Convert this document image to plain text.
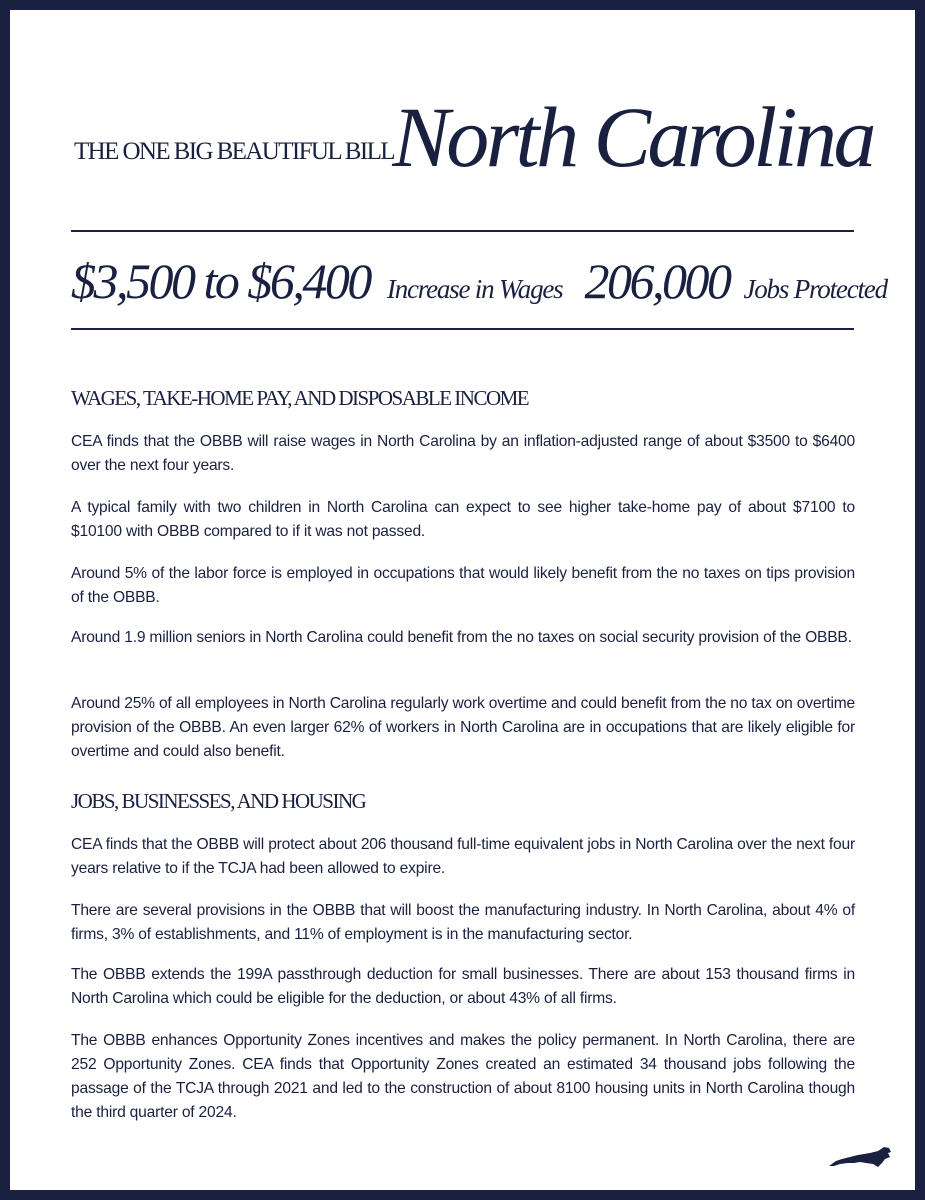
THE ONE BIG BEAUTIFUL BILL
North Carolina
$3,500 to $6,400 Increase in Wages 206,000 Jobs Protected
WAGES, TAKE-HOME PAY, AND DISPOSABLE INCOME

CEA finds that the OBBB will raise wages in North Carolina by an inflation-adjusted range of about $3500 to $6400 over the next four years.

A typical family with two children in North Carolina can expect to see higher take-home pay of about $7100 to $10100 with OBBB compared to if it was not passed.

Around 5% of the labor force is employed in occupations that would likely benefit from the no taxes on tips provision of the OBBB.

Around 1.9 million seniors in North Carolina could benefit from the no taxes on social security provision of the OBBB.

Around 25% of all employees in North Carolina regularly work overtime and could benefit from the no tax on overtime provision of the OBBB. An even larger 62% of workers in North Carolina are in occupations that are likely eligible for overtime and could also benefit.

JOBS, BUSINESSES, AND HOUSING

CEA finds that the OBBB will protect about 206 thousand full-time equivalent jobs in North Carolina over the next four years relative to if the TCJA had been allowed to expire.

There are several provisions in the OBBB that will boost the manufacturing industry. In North Carolina, about 4% of firms, 3% of establishments, and 11% of employment is in the manufacturing sector.

The OBBB extends the 199A passthrough deduction for small businesses. There are about 153 thousand firms in North Carolina which could be eligible for the deduction, or about 43% of all firms.

The OBBB enhances Opportunity Zones incentives and makes the policy permanent. In North Carolina, there are 252 Opportunity Zones. CEA finds that Opportunity Zones created an estimated 34 thousand jobs following the passage of the TCJA through 2021 and led to the construction of about 8100 housing units in North Carolina though the third quarter of 2024.
